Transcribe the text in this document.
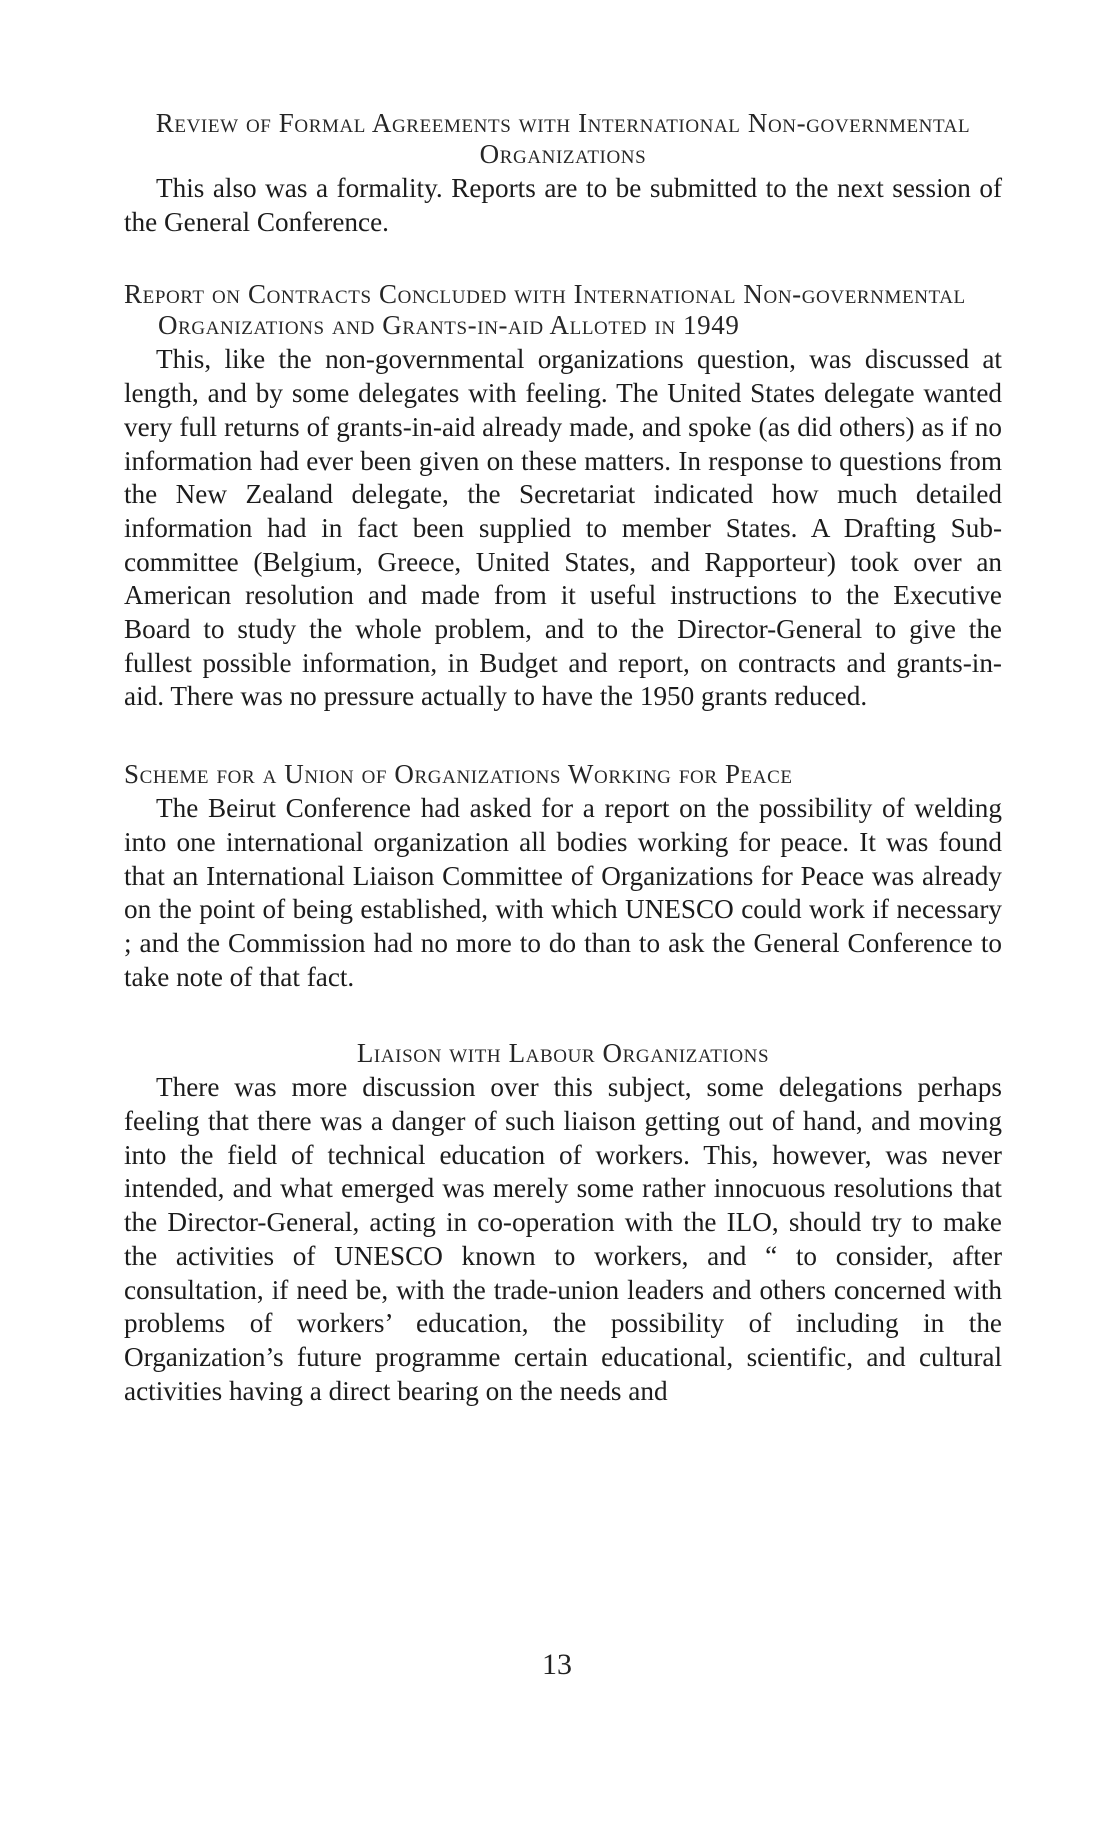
Review of Formal Agreements with International Non-governmental Organizations

This also was a formality. Reports are to be submitted to the next session of the General Conference.

Report on Contracts Concluded with International Non-governmental Organizations and Grants-in-aid Alloted in 1949

This, like the non-governmental organizations question, was discussed at length, and by some delegates with feeling. The United States delegate wanted very full returns of grants-in-aid already made, and spoke (as did others) as if no information had ever been given on these matters. In response to questions from the New Zealand delegate, the Secretariat indicated how much detailed information had in fact been supplied to member States. A Drafting Sub-committee (Belgium, Greece, United States, and Rapporteur) took over an American resolution and made from it useful instructions to the Executive Board to study the whole problem, and to the Director-General to give the fullest possible information, in Budget and report, on contracts and grants-in-aid. There was no pressure actually to have the 1950 grants reduced.

Scheme for a Union of Organizations Working for Peace

The Beirut Conference had asked for a report on the possibility of welding into one international organization all bodies working for peace. It was found that an International Liaison Committee of Organizations for Peace was already on the point of being established, with which UNESCO could work if necessary ; and the Commission had no more to do than to ask the General Conference to take note of that fact.

Liaison with Labour Organizations

There was more discussion over this subject, some delegations perhaps feeling that there was a danger of such liaison getting out of hand, and moving into the field of technical education of workers. This, however, was never intended, and what emerged was merely some rather innocuous resolutions that the Director-General, acting in co-operation with the ILO, should try to make the activities of UNESCO known to workers, and “ to consider, after consultation, if need be, with the trade-union leaders and others concerned with problems of workers’ education, the possibility of including in the Organization’s future programme certain educational, scientific, and cultural activities having a direct bearing on the needs and

13
